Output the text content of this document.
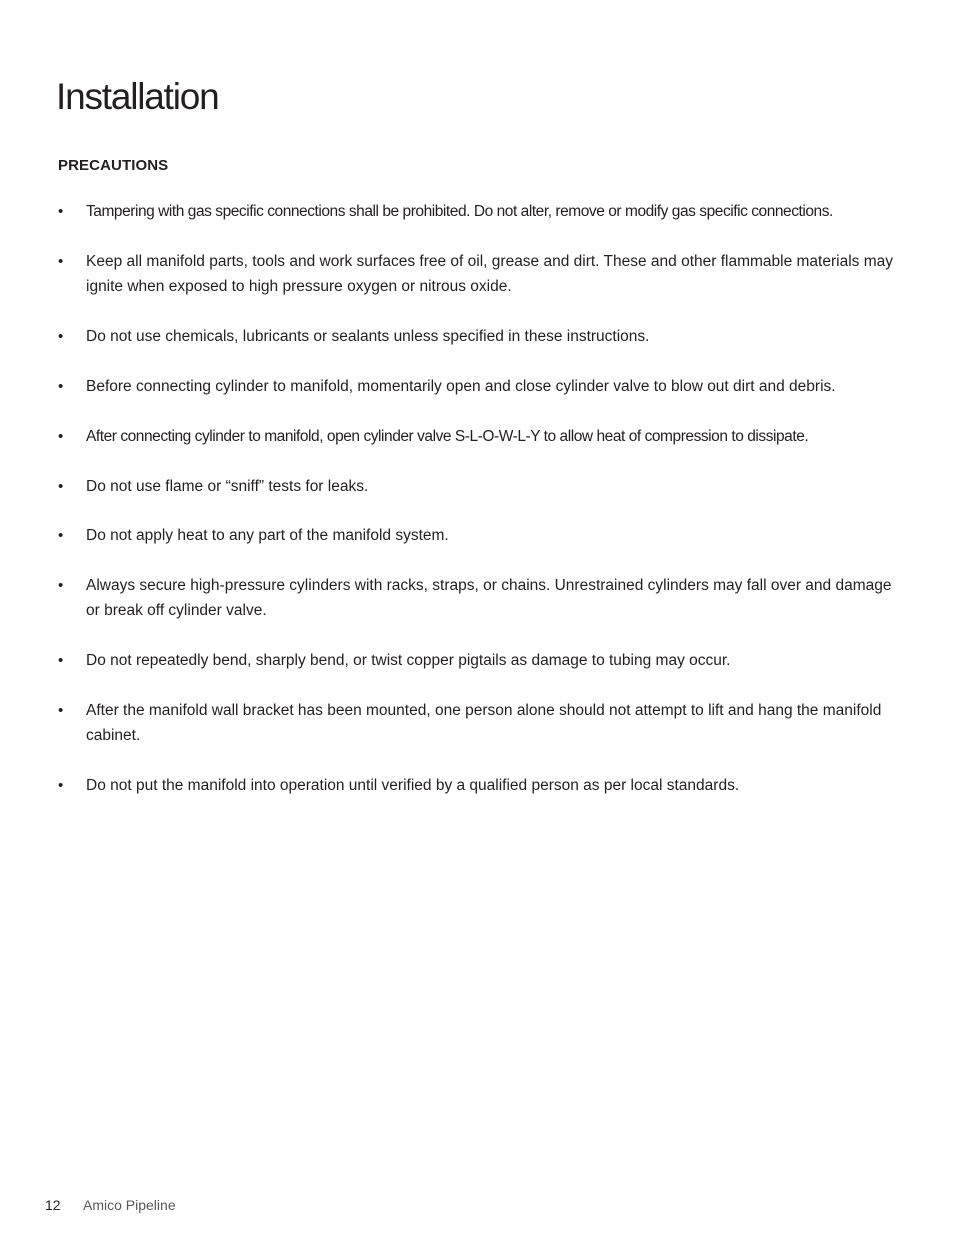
Installation
PRECAUTIONS
•	Tampering with gas specific connections shall be prohibited. Do not alter, remove or modify gas specific connections.
•	Keep all manifold parts, tools and work surfaces free of oil, grease and dirt. These and other flammable materials may ignite when exposed to high pressure oxygen or nitrous oxide.
•	Do not use chemicals, lubricants or sealants unless specified in these instructions.
•	Before connecting cylinder to manifold, momentarily open and close cylinder valve to blow out dirt and debris.
•	After connecting cylinder to manifold, open cylinder valve S-L-O-W-L-Y to allow heat of compression to dissipate.
•	Do not use flame or “sniff” tests for leaks.
•	Do not apply heat to any part of the manifold system.
•	Always secure high-pressure cylinders with racks, straps, or chains. Unrestrained cylinders may fall over and damage or break off cylinder valve.
•	Do not repeatedly bend, sharply bend, or twist copper pigtails as damage to tubing may occur.
•	After the manifold wall bracket has been mounted, one person alone should not attempt to lift and hang the manifold cabinet.
•	Do not put the manifold into operation until verified by a qualified person as per local standards.
12 Amico Pipeline
